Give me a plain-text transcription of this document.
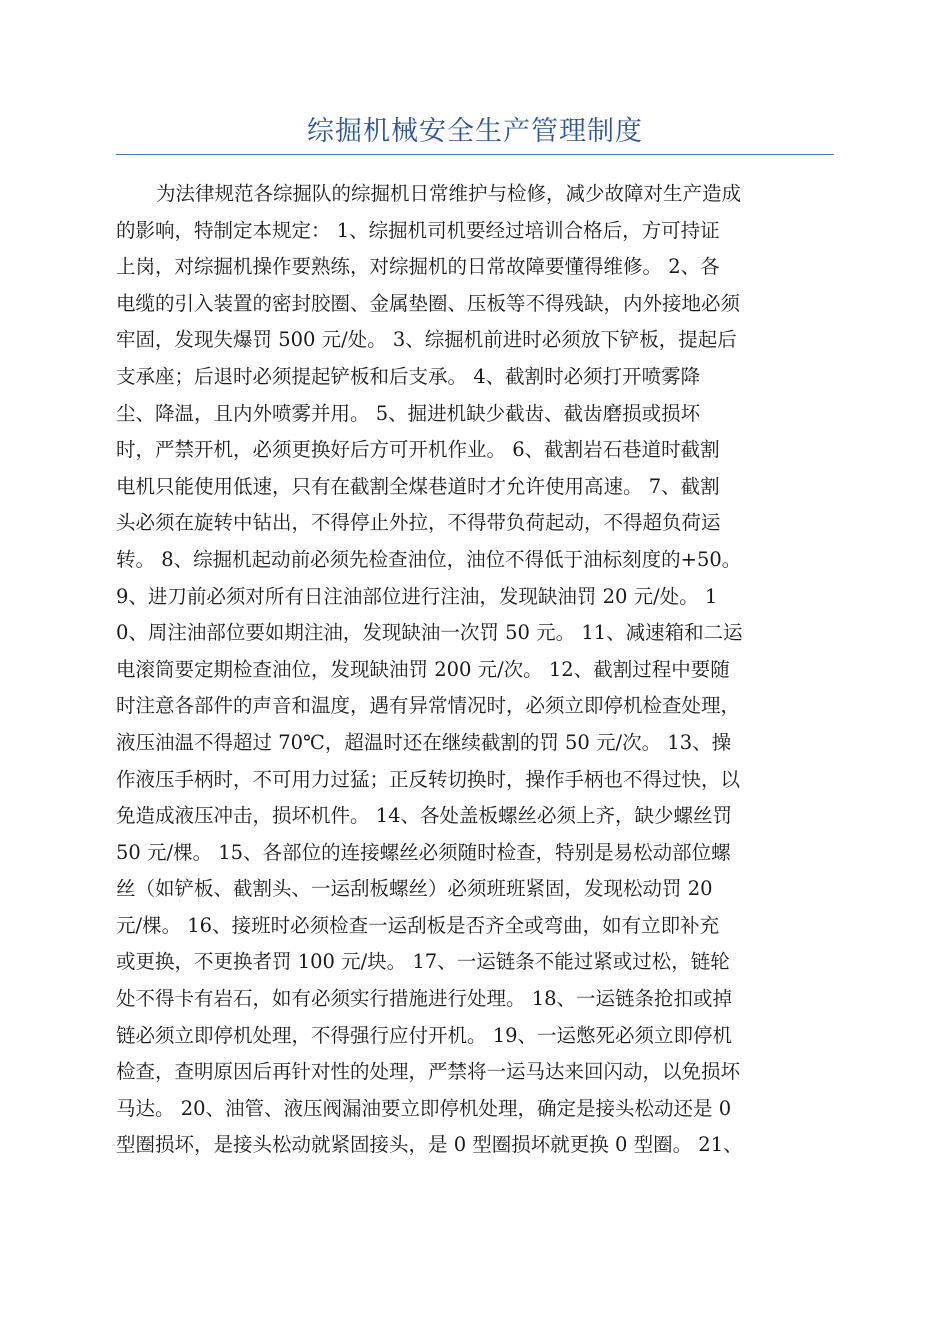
综掘机械安全生产管理制度
为法律规范各综掘队的综掘机日常维护与检修，减少故障对生产造成
的影响，特制定本规定： 1、综掘机司机要经过培训合格后，方可持证
上岗，对综掘机操作要熟练，对综掘机的日常故障要懂得维修。 2、各
电缆的引入装置的密封胶圈、金属垫圈、压板等不得残缺，内外接地必须
牢固，发现失爆罚 500 元/处。 3、综掘机前进时必须放下铲板，提起后
支承座；后退时必须提起铲板和后支承。 4、截割时必须打开喷雾降
尘、降温，且内外喷雾并用。 5、掘进机缺少截齿、截齿磨损或损坏
时，严禁开机，必须更换好后方可开机作业。 6、截割岩石巷道时截割
电机只能使用低速，只有在截割全煤巷道时才允许使用高速。 7、截割
头必须在旋转中钻出，不得停止外拉，不得带负荷起动，不得超负荷运
转。 8、综掘机起动前必须先检查油位，油位不得低于油标刻度的+50。
9、进刀前必须对所有日注油部位进行注油，发现缺油罚 20 元/处。 1
0、周注油部位要如期注油，发现缺油一次罚 50 元。 11、减速箱和二运
电滚筒要定期检查油位，发现缺油罚 200 元/次。 12、截割过程中要随
时注意各部件的声音和温度，遇有异常情况时，必须立即停机检查处理，
液压油温不得超过 70℃，超温时还在继续截割的罚 50 元/次。 13、操
作液压手柄时，不可用力过猛；正反转切换时，操作手柄也不得过快，以
免造成液压冲击，损坏机件。 14、各处盖板螺丝必须上齐，缺少螺丝罚
50 元/棵。 15、各部位的连接螺丝必须随时检查，特别是易松动部位螺
丝（如铲板、截割头、一运刮板螺丝）必须班班紧固，发现松动罚 20
元/棵。 16、接班时必须检查一运刮板是否齐全或弯曲，如有立即补充
或更换，不更换者罚 100 元/块。 17、一运链条不能过紧或过松，链轮
处不得卡有岩石，如有必须实行措施进行处理。 18、一运链条抢扣或掉
链必须立即停机处理，不得强行应付开机。 19、一运憋死必须立即停机
检查，查明原因后再针对性的处理，严禁将一运马达来回闪动，以免损坏
马达。 20、油管、液压阀漏油要立即停机处理，确定是接头松动还是 0
型圈损坏，是接头松动就紧固接头，是 0 型圈损坏就更换 0 型圈。 21、
